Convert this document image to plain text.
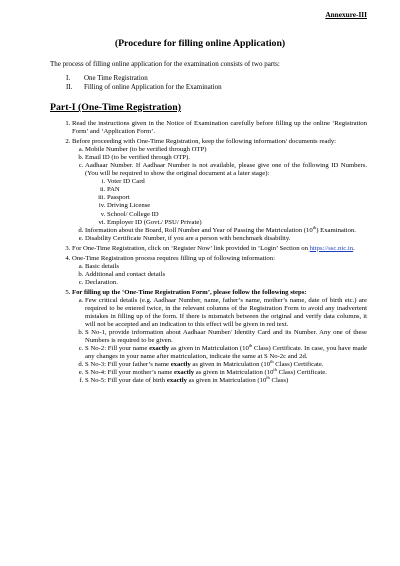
Annexure-III
(Procedure for filling online Application)
The process of filling online application for the examination consists of two parts:
I. One Time Registration
II. Filling of online Application for the Examination
Part-I (One-Time Registration)
1. Read the instructions given in the Notice of Examination carefully before filling up the online ‘Registration Form’ and ‘Application Form’.
2. Before proceeding with One-Time Registration, keep the following information/ documents ready:
a. Mobile Number (to be verified through OTP)
b. Email ID (to be verified through OTP).
c. Aadhaar Number. If Aadhaar Number is not available, please give one of the following ID Numbers. (You will be required to show the original document at a later stage):
i. Voter ID Card
ii. PAN
iii. Passport
iv. Driving License
v. School/ College ID
vi. Employer ID (Govt./ PSU/ Private)
d. Information about the Board, Roll Number and Year of Passing the Matriculation (10th) Examination.
e. Disability Certificate Number, if you are a person with benchmark disability.
3. For One-Time Registration, click on ‘Register Now’ link provided in ‘Login’ Section on https://ssc.nic.in.
4. One-Time Registration process requires filling up of following information:
a. Basic details
b. Additional and contact details
c. Declaration.
5. For filling up the ‘One-Time Registration Form’, please follow the following steps:
a. Few critical details (e.g. Aadhaar Number, name, father’s name, mother’s name, date of birth etc.) are required to be entered twice, in the relevant columns of the Registration Form to avoid any inadvertent mistakes in filling up of the form. If there is mismatch between the original and verify data columns, it will not be accepted and an indication to this effect will be given in red text.
b. S No-1, provide information about Aadhaar Number/ Identity Card and its Number. Any one of these Numbers is required to be given.
c. S No-2: Fill your name exactly as given in Matriculation (10th Class) Certificate. In case, you have made any changes in your name after matriculation, indicate the same at S No-2c and 2d.
d. S No-3: Fill your father’s name exactly as given in Matriculation (10th Class) Certificate.
e. S No-4: Fill your mother’s name exactly as given in Matriculation (10th Class) Certificate.
f. S No-5: Fill your date of birth exactly as given in Matriculation (10th Class)
